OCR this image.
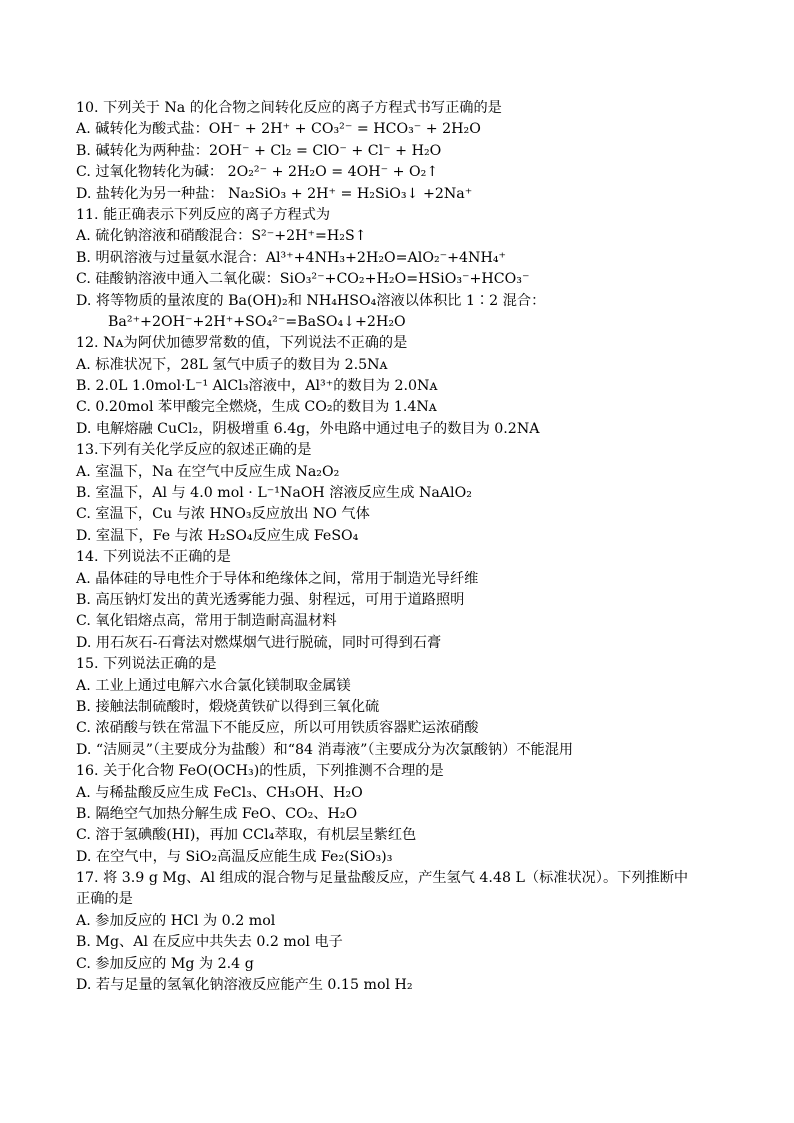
10. 下列关于 Na 的化合物之间转化反应的离子方程式书写正确的是
A. 碱转化为酸式盐：OH⁻ + 2H⁺ + CO₃²⁻ = HCO₃⁻ + 2H₂O
B. 碱转化为两种盐：2OH⁻ + Cl₂ = ClO⁻ + Cl⁻ + H₂O
C. 过氧化物转化为碱： 2O₂²⁻ + 2H₂O = 4OH⁻ + O₂↑
D. 盐转化为另一种盐： Na₂SiO₃ + 2H⁺ = H₂SiO₃↓ +2Na⁺
11. 能正确表示下列反应的离子方程式为
A. 硫化钠溶液和硝酸混合：S²⁻+2H⁺=H₂S↑
B. 明矾溶液与过量氨水混合：Al³⁺+4NH₃+2H₂O=AlO₂⁻+4NH₄⁺
C. 硅酸钠溶液中通入二氧化碳：SiO₃²⁻+CO₂+H₂O=HSiO₃⁻+HCO₃⁻
D. 将等物质的量浓度的 Ba(OH)₂和 NH₄HSO₄溶液以体积比 1∶2 混合：
Ba²⁺+2OH⁻+2H⁺+SO₄²⁻=BaSO₄↓+2H₂O
12. Nᴀ为阿伏加德罗常数的值，下列说法不正确的是
A. 标准状况下，28L 氢气中质子的数目为 2.5Nᴀ
B. 2.0L 1.0mol·L⁻¹ AlCl₃溶液中，Al³⁺的数目为 2.0Nᴀ
C. 0.20mol 苯甲酸完全燃烧，生成 CO₂的数目为 1.4Nᴀ
D. 电解熔融 CuCl₂，阴极增重 6.4g，外电路中通过电子的数目为 0.2NA
13.下列有关化学反应的叙述正确的是
A. 室温下，Na 在空气中反应生成 Na₂O₂
B. 室温下，Al 与 4.0 mol · L⁻¹NaOH 溶液反应生成 NaAlO₂
C. 室温下，Cu 与浓 HNO₃反应放出 NO 气体
D. 室温下，Fe 与浓 H₂SO₄反应生成 FeSO₄
14. 下列说法不正确的是
A. 晶体硅的导电性介于导体和绝缘体之间，常用于制造光导纤维
B. 高压钠灯发出的黄光透雾能力强、射程远，可用于道路照明
C. 氧化铝熔点高，常用于制造耐高温材料
D. 用石灰石-石膏法对燃煤烟气进行脱硫，同时可得到石膏
15. 下列说法正确的是
A. 工业上通过电解六水合氯化镁制取金属镁
B. 接触法制硫酸时，煅烧黄铁矿以得到三氧化硫
C. 浓硝酸与铁在常温下不能反应，所以可用铁质容器贮运浓硝酸
D. “洁厕灵”（主要成分为盐酸）和“84 消毒液”（主要成分为次氯酸钠）不能混用
16. 关于化合物 FeO(OCH₃)的性质，下列推测不合理的是
A. 与稀盐酸反应生成 FeCl₃、CH₃OH、H₂O
B. 隔绝空气加热分解生成 FeO、CO₂、H₂O
C. 溶于氢碘酸(HI)，再加 CCl₄萃取，有机层呈紫红色
D. 在空气中，与 SiO₂高温反应能生成 Fe₂(SiO₃)₃
17. 将 3.9 g Mg、Al 组成的混合物与足量盐酸反应，产生氢气 4.48 L（标准状况）。下列推断中
正确的是
A. 参加反应的 HCl 为 0.2 mol
B. Mg、Al 在反应中共失去 0.2 mol 电子
C. 参加反应的 Mg 为 2.4 g
D. 若与足量的氢氧化钠溶液反应能产生 0.15 mol H₂
